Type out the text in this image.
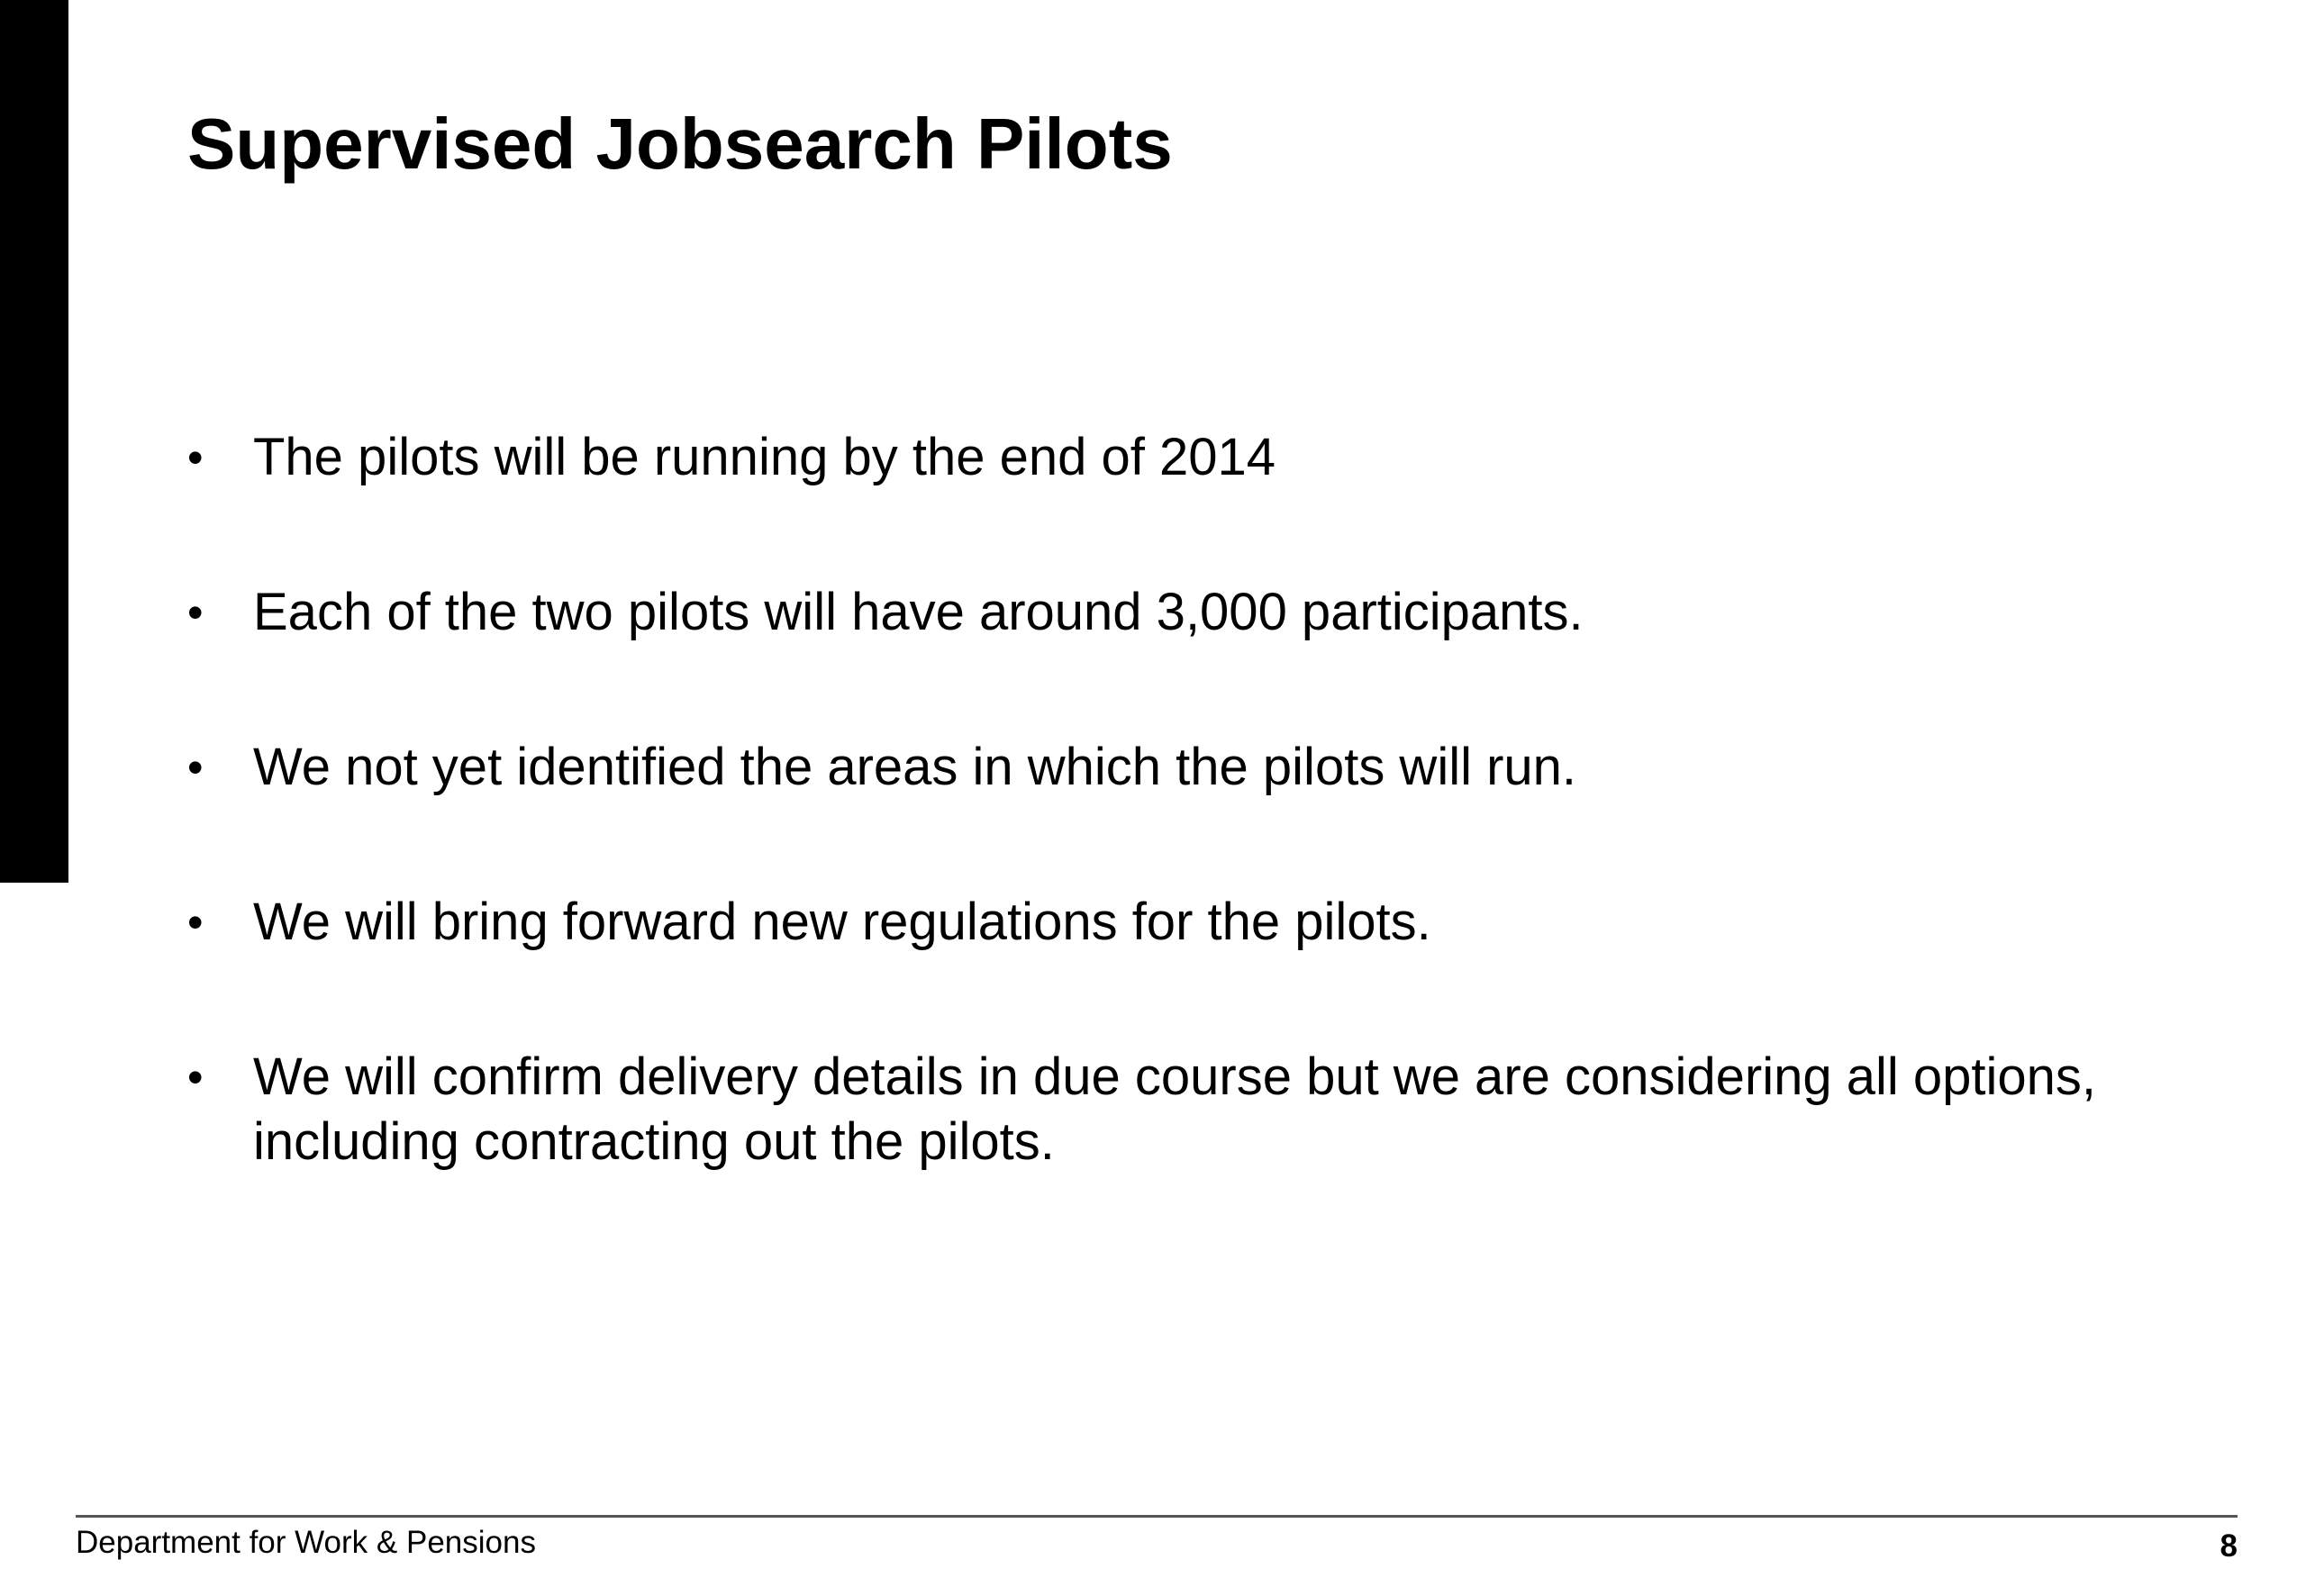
Supervised Jobsearch Pilots
• The pilots will be running by the end of 2014
• Each of the two pilots will have around 3,000 participants.
• We not yet identified the areas in which the pilots will run.
• We will bring forward new regulations for the pilots.
• We will confirm delivery details in due course but we are considering all options, including contracting out the pilots.
Department for Work & Pensions	8
